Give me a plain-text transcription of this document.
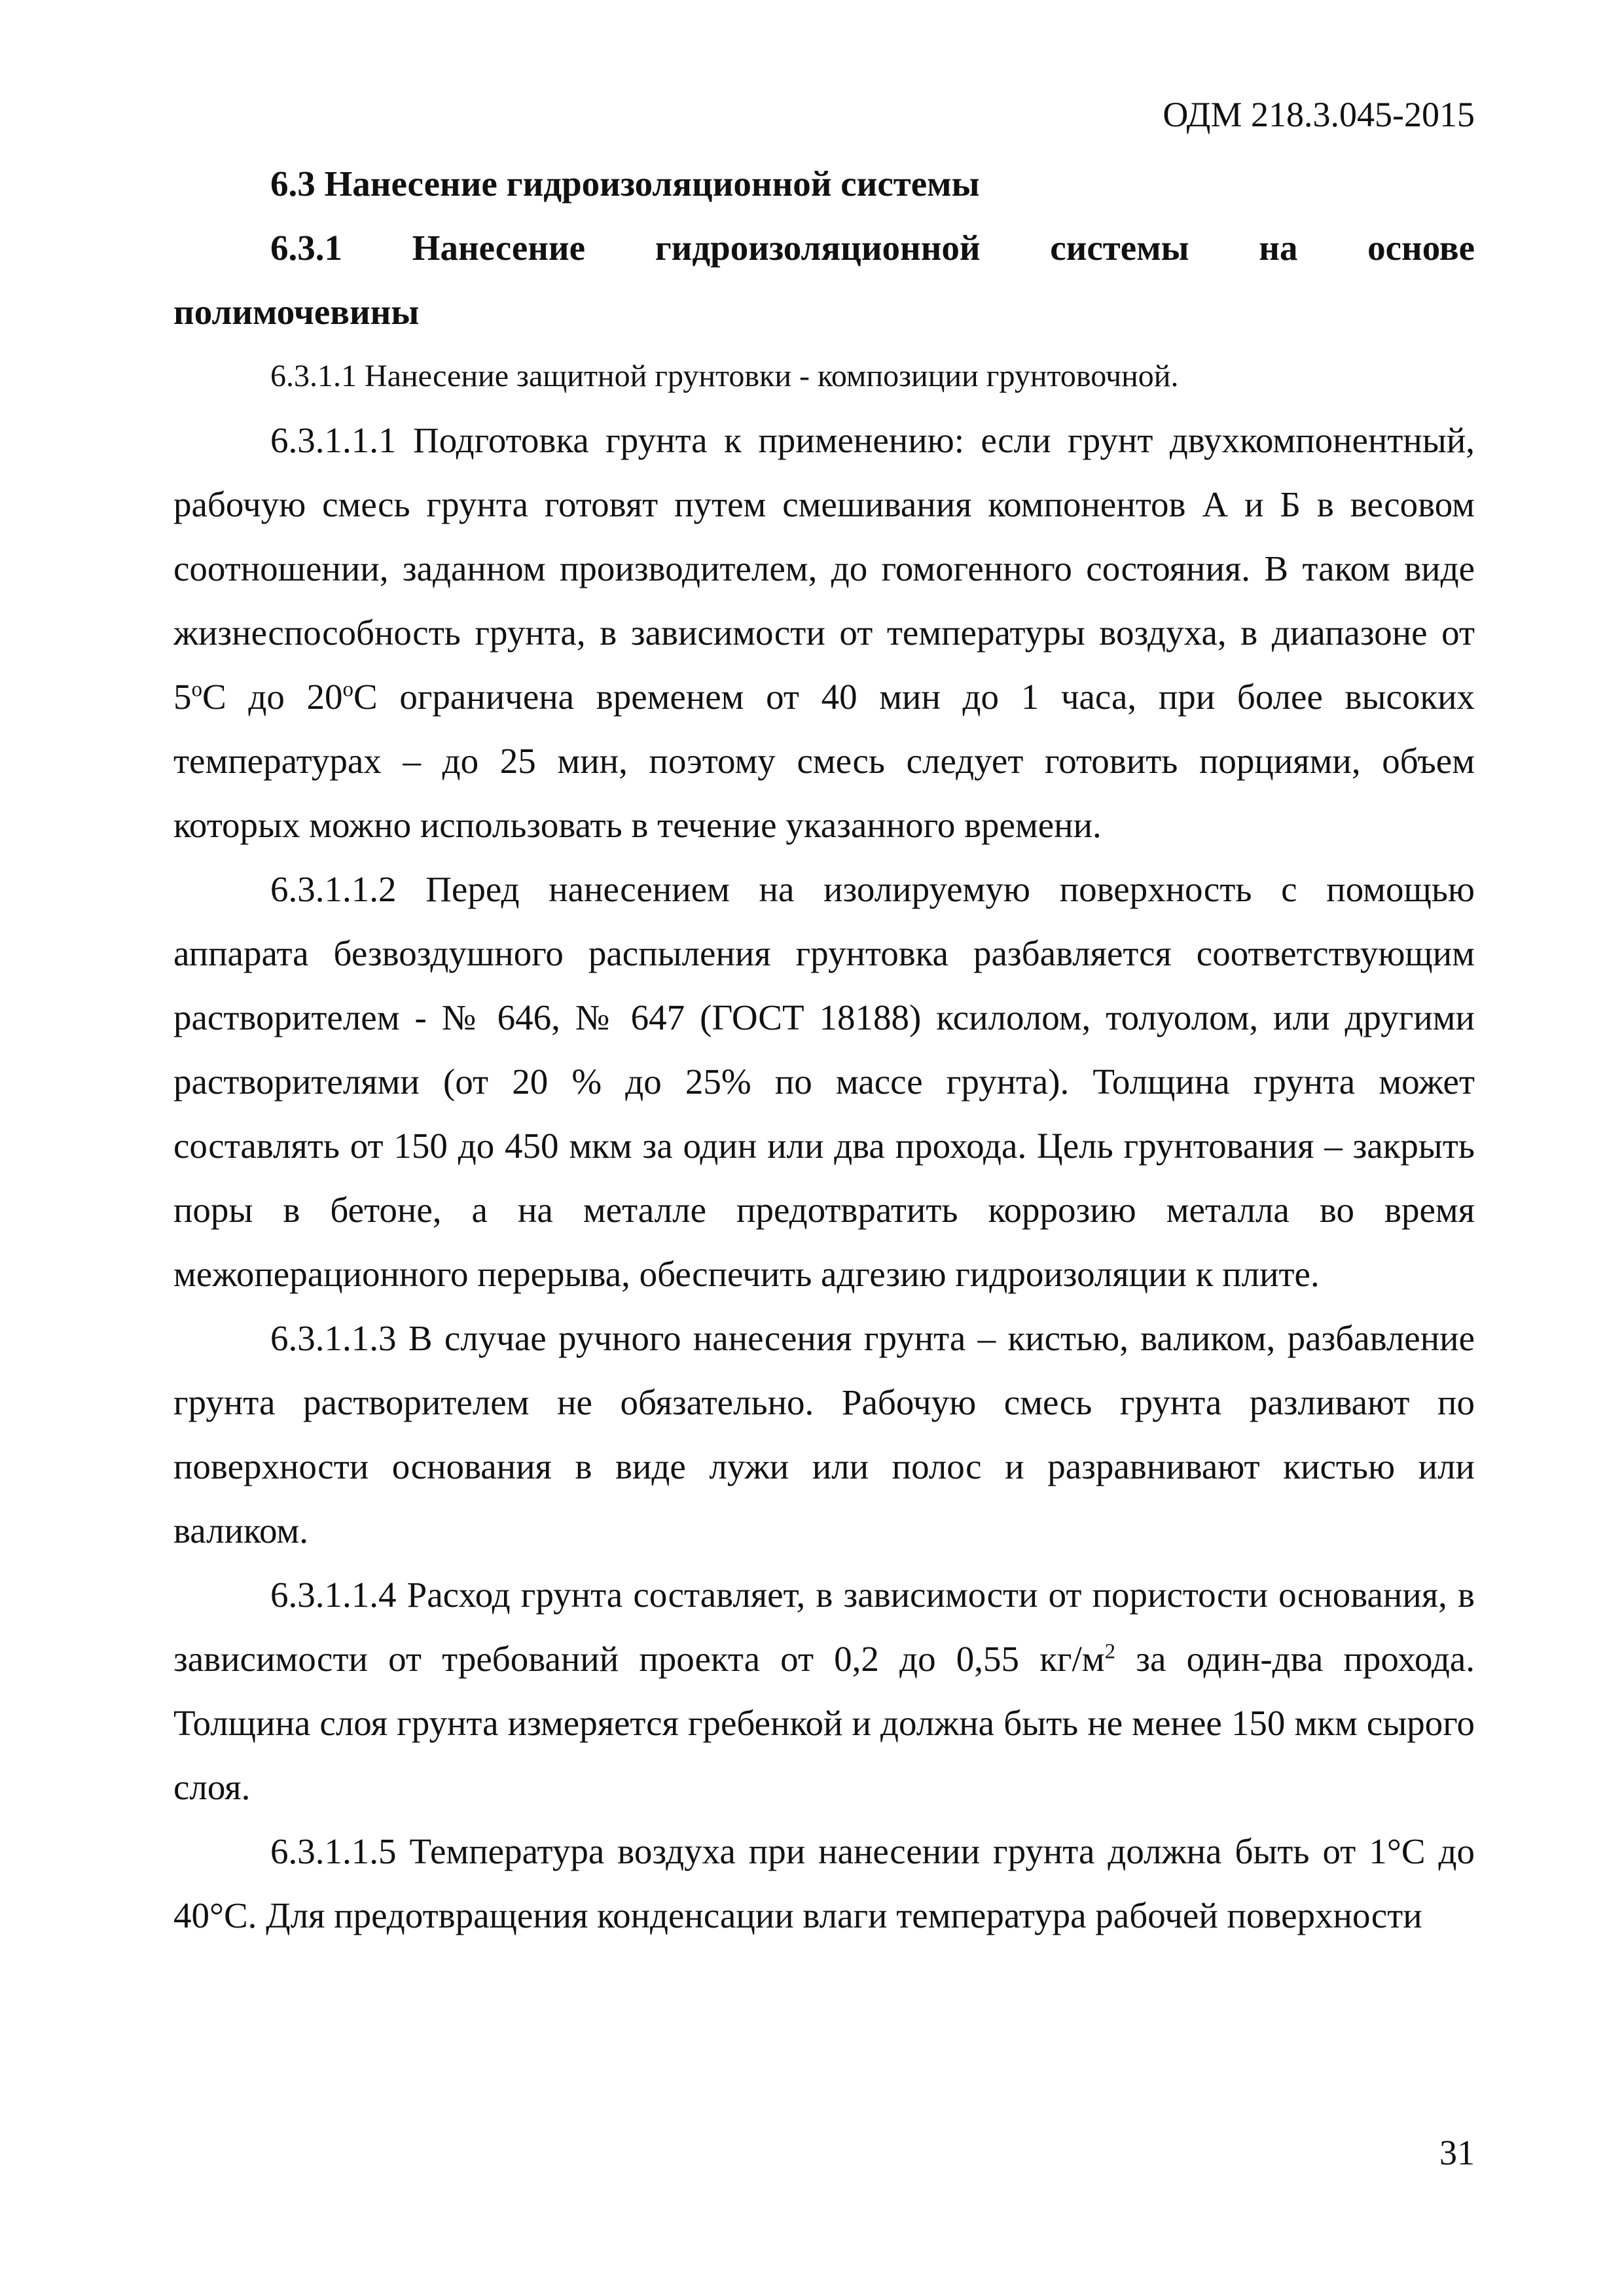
ОДМ 218.3.045-2015

6.3 Нанесение гидроизоляционной системы

6.3.1 Нанесение гидроизоляционной системы на основе полимочевины

6.3.1.1 Нанесение защитной грунтовки - композиции грунтовочной.

6.3.1.1.1 Подготовка грунта к применению: если грунт двухкомпонентный, рабочую смесь грунта готовят путем смешивания компонентов А и Б в весовом соотношении, заданном производителем, до гомогенного состояния. В таком виде жизнеспособность грунта, в зависимости от температуры воздуха, в диапазоне от $5^оС$ до $20^оС$ ограничена временем от 40 мин до 1 часа, при более высоких температурах – до 25 мин, поэтому смесь следует готовить порциями, объем которых можно использовать в течение указанного времени.

6.3.1.1.2 Перед нанесением на изолируемую поверхность с помощью аппарата безвоздушного распыления грунтовка разбавляется соответствующим растворителем - № 646, № 647 (ГОСТ 18188) ксилолом, толуолом, или другими растворителями (от 20 % до 25% по массе грунта). Толщина грунта может составлять от 150 до 450 мкм за один или два прохода. Цель грунтования – закрыть поры в бетоне, а на металле предотвратить коррозию металла во время межоперационного перерыва, обеспечить адгезию гидроизоляции к плите.

6.3.1.1.3 В случае ручного нанесения грунта – кистью, валиком, разбавление грунта растворителем не обязательно. Рабочую смесь грунта разливают по поверхности основания в виде лужи или полос и разравнивают кистью или валиком.

6.3.1.1.4 Расход грунта составляет, в зависимости от пористости основания, в зависимости от требований проекта от 0,2 до 0,55 $кг/м^2$ за один-два прохода. Толщина слоя грунта измеряется гребенкой и должна быть не менее 150 мкм сырого слоя.

6.3.1.1.5 Температура воздуха при нанесении грунта должна быть от 1°С до 40°С. Для предотвращения конденсации влаги температура рабочей поверхности

31
